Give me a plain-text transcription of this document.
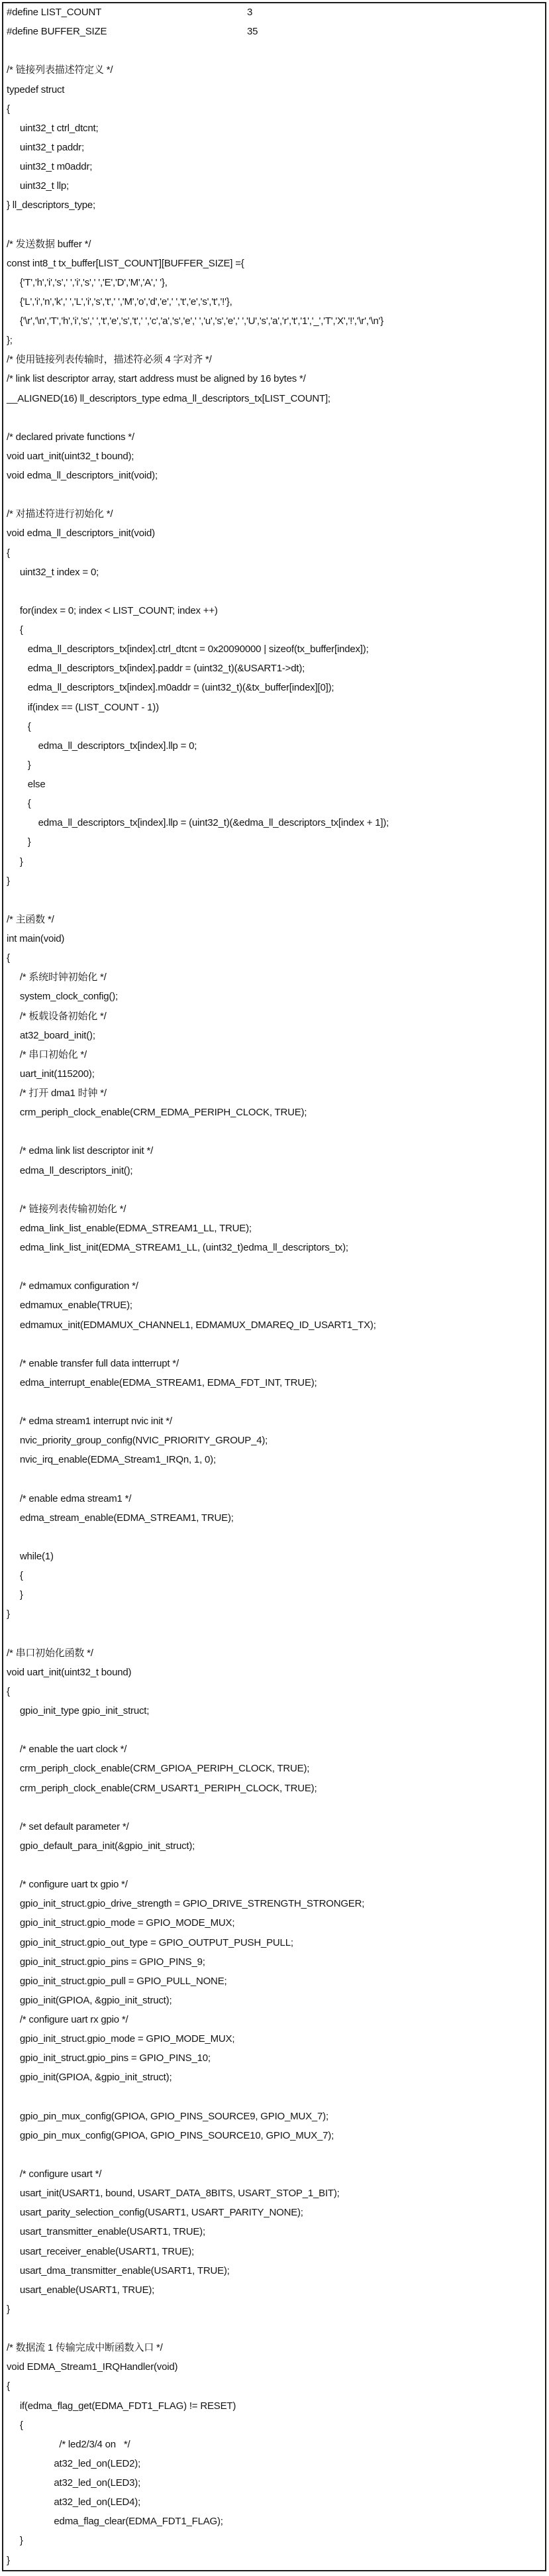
#define LIST_COUNT	3
#define BUFFER_SIZE	35
/* 链接列表描述符定义 */
typedef struct
{
uint32_t ctrl_dtcnt;
uint32_t paddr;
uint32_t m0addr;
uint32_t llp;
} ll_descriptors_type;
/* 发送数据 buffer */
const int8_t tx_buffer[LIST_COUNT][BUFFER_SIZE] ={
{'T','h','i','s',' ','i','s',' ','E','D','M','A',' '},
{'L','i','n','k',' ','L','i','s','t',' ','M','o','d','e',' ','t','e','s','t','!'},
{'\r','\n','T','h','i','s',' ','t','e','s','t',' ','c','a','s','e',' ','u','s','e',' ','U','s','a','r','t','1','_','T','X','!','\r','\n'}
};
/* 使用链接列表传输时，描述符必须 4 字对齐 */
/* link list descriptor array, start address must be aligned by 16 bytes */
__ALIGNED(16) ll_descriptors_type edma_ll_descriptors_tx[LIST_COUNT];
/* declared private functions */
void uart_init(uint32_t bound);
void edma_ll_descriptors_init(void);
/* 对描述符进行初始化 */
void edma_ll_descriptors_init(void)
{
uint32_t index = 0;
for(index = 0; index < LIST_COUNT; index ++)
{
edma_ll_descriptors_tx[index].ctrl_dtcnt = 0x20090000 | sizeof(tx_buffer[index]);
edma_ll_descriptors_tx[index].paddr = (uint32_t)(&USART1->dt);
edma_ll_descriptors_tx[index].m0addr = (uint32_t)(&tx_buffer[index][0]);
if(index == (LIST_COUNT - 1))
{
edma_ll_descriptors_tx[index].llp = 0;
}
else
{
edma_ll_descriptors_tx[index].llp = (uint32_t)(&edma_ll_descriptors_tx[index + 1]);
}
}
}
/* 主函数 */
int main(void)
{
/* 系统时钟初始化 */
system_clock_config();
/* 板载设备初始化 */
at32_board_init();
/* 串口初始化 */
uart_init(115200);
/* 打开 dma1 时钟 */
crm_periph_clock_enable(CRM_EDMA_PERIPH_CLOCK, TRUE);
/* edma link list descriptor init */
edma_ll_descriptors_init();
/* 链接列表传输初始化 */
edma_link_list_enable(EDMA_STREAM1_LL, TRUE);
edma_link_list_init(EDMA_STREAM1_LL, (uint32_t)edma_ll_descriptors_tx);
/* edmamux configuration */
edmamux_enable(TRUE);
edmamux_init(EDMAMUX_CHANNEL1, EDMAMUX_DMAREQ_ID_USART1_TX);
/* enable transfer full data intterrupt */
edma_interrupt_enable(EDMA_STREAM1, EDMA_FDT_INT, TRUE);
/* edma stream1 interrupt nvic init */
nvic_priority_group_config(NVIC_PRIORITY_GROUP_4);
nvic_irq_enable(EDMA_Stream1_IRQn, 1, 0);
/* enable edma stream1 */
edma_stream_enable(EDMA_STREAM1, TRUE);
while(1)
{
}
}
/* 串口初始化函数 */
void uart_init(uint32_t bound)
{
gpio_init_type gpio_init_struct;
/* enable the uart clock */
crm_periph_clock_enable(CRM_GPIOA_PERIPH_CLOCK, TRUE);
crm_periph_clock_enable(CRM_USART1_PERIPH_CLOCK, TRUE);
/* set default parameter */
gpio_default_para_init(&gpio_init_struct);
/* configure uart tx gpio */
gpio_init_struct.gpio_drive_strength = GPIO_DRIVE_STRENGTH_STRONGER;
gpio_init_struct.gpio_mode = GPIO_MODE_MUX;
gpio_init_struct.gpio_out_type = GPIO_OUTPUT_PUSH_PULL;
gpio_init_struct.gpio_pins = GPIO_PINS_9;
gpio_init_struct.gpio_pull = GPIO_PULL_NONE;
gpio_init(GPIOA, &gpio_init_struct);
/* configure uart rx gpio */
gpio_init_struct.gpio_mode = GPIO_MODE_MUX;
gpio_init_struct.gpio_pins = GPIO_PINS_10;
gpio_init(GPIOA, &gpio_init_struct);
gpio_pin_mux_config(GPIOA, GPIO_PINS_SOURCE9, GPIO_MUX_7);
gpio_pin_mux_config(GPIOA, GPIO_PINS_SOURCE10, GPIO_MUX_7);
/* configure usart */
usart_init(USART1, bound, USART_DATA_8BITS, USART_STOP_1_BIT);
usart_parity_selection_config(USART1, USART_PARITY_NONE);
usart_transmitter_enable(USART1, TRUE);
usart_receiver_enable(USART1, TRUE);
usart_dma_transmitter_enable(USART1, TRUE);
usart_enable(USART1, TRUE);
}
/* 数据流 1 传输完成中断函数入口 */
void EDMA_Stream1_IRQHandler(void)
{
if(edma_flag_get(EDMA_FDT1_FLAG) != RESET)
{
/* led2/3/4 on   */
at32_led_on(LED2);
at32_led_on(LED3);
at32_led_on(LED4);
edma_flag_clear(EDMA_FDT1_FLAG);
}
}
